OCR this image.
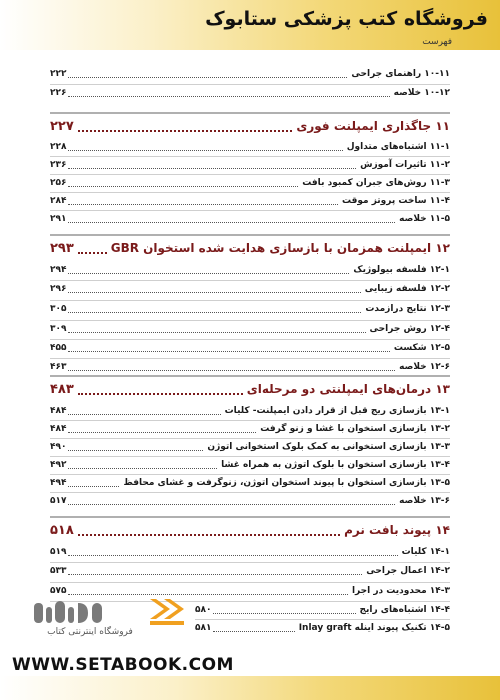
فروشگاه کتب پزشکی ستابوک
فهرست
۱۰-۱۱ راهنمای جراحی
۲۲۲
۱۰-۱۲ خلاصه
۲۲۶
۱۱ جاگذاری ایمپلنت فوری
۲۲۷
۱۱-۱ اشتباه‌های متداول
۲۲۸
۱۱-۲ تاثیرات آموزش
۲۳۶
۱۱-۳ روش‌های جبران کمبود بافت
۲۵۶
۱۱-۴ ساخت پروتز موقت
۲۸۴
۱۱-۵ خلاصه
۲۹۱
۱۲ ایمپلنت همزمان با بازسازی هدایت شده استخوان GBR
۲۹۳
۱۲-۱ فلسفه بیولوژیک
۲۹۴
۱۲-۲ فلسفه زیبایی
۲۹۶
۱۲-۳ نتایج درازمدت
۳۰۵
۱۲-۴ روش جراحی
۳۰۹
۱۲-۵ شکست
۴۵۵
۱۲-۶ خلاصه
۴۶۳
۱۳ درمان‌های ایمپلنتی دو مرحله‌ای
۴۸۳
۱۳-۱ بازسازی ریج قبل از قرار دادن ایمپلنت- کلیات
۴۸۴
۱۳-۲ بازسازی استخوان با غشا و زنو گرفت
۴۸۴
۱۳-۳ بازسازی استخوانی به کمک بلوک استخوانی اتوژن
۴۹۰
۱۳-۴ بازسازی استخوان با بلوک اتوژن به همراه غشا
۴۹۲
۱۳-۵ بازسازی استخوان با پیوند استخوان اتوژن، زنوگرفت و غشای محافظ
۴۹۴
۱۳-۶ خلاصه
۵۱۷
۱۴ پیوند بافت نرم
۵۱۸
۱۴-۱ کلیات
۵۱۹
۱۴-۲ اعمال جراحی
۵۳۳
۱۴-۳ محدودیت در اجرا
۵۷۵
۱۴-۴ اشتباه‌های رایج
۵۸۰
۱۴-۵ تکنیک پیوند اینله Inlay graft
۵۸۱
فروشگاه اینترنتی کتاب
WWW.SETABOOK.COM
